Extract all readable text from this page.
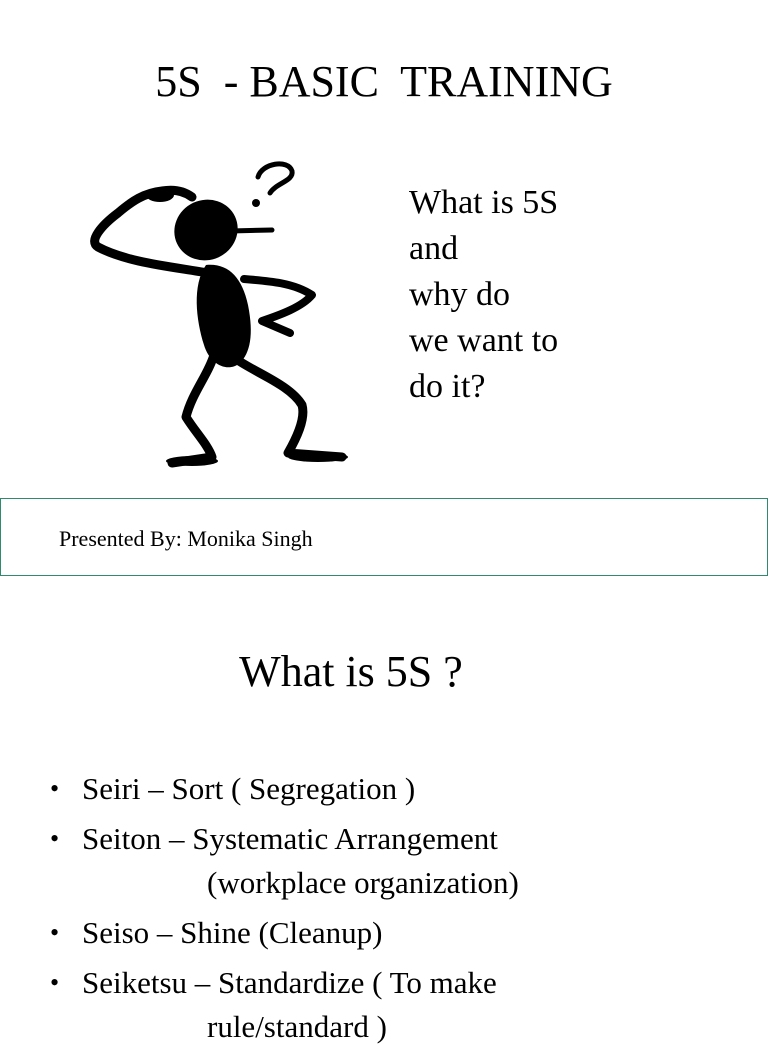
5S  - BASIC  TRAINING
What is 5S
and
why do
we want to
do it?
Presented By: Monika Singh
What is 5S ?
• Seiri – Sort ( Segregation )
• Seiton – Systematic Arrangement
(workplace organization)
• Seiso – Shine (Cleanup)
• Seiketsu – Standardize ( To make
rule/standard )
